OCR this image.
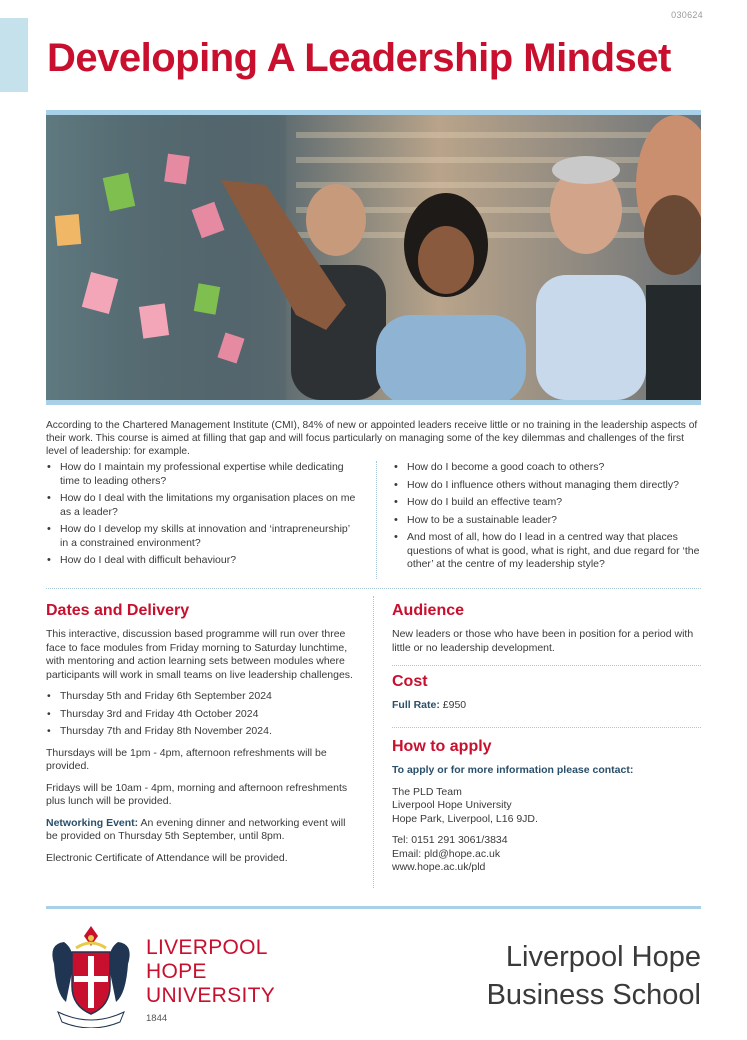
030624
Developing A Leadership Mindset

According to the Chartered Management Institute (CMI), 84% of new or appointed leaders receive little or no training in the leadership aspects of their work. This course is aimed at filling that gap and will focus particularly on managing some of the key dilemmas and challenges of the first level of leadership: for example.

• How do I maintain my professional expertise while dedicating time to leading others?
• How do I deal with the limitations my organisation places on me as a leader?
• How do I develop my skills at innovation and ‘intrapreneurship’ in a constrained environment?
• How do I deal with difficult behaviour?
• How do I become a good coach to others?
• How do I influence others without managing them directly?
• How do I build an effective team?
• How to be a sustainable leader?
• And most of all, how do I lead in a centred way that places questions of what is good, what is right, and due regard for ‘the other’ at the centre of my leadership style?
Dates and Delivery

This interactive, discussion based programme will run over three face to face modules from Friday morning to Saturday lunchtime, with mentoring and action learning sets between modules where participants will work in small teams on live leadership challenges.

• Thursday 5th and Friday 6th September 2024
• Thursday 3rd and Friday 4th October 2024
• Thursday 7th and Friday 8th November 2024.

Thursdays will be 1pm - 4pm, afternoon refreshments will be provided.

Fridays will be 10am - 4pm, morning and afternoon refreshments plus lunch will be provided.

Networking Event: An evening dinner and networking event will be provided on Thursday 5th September, until 8pm.

Electronic Certificate of Attendance will be provided.

Audience

New leaders or those who have been in position for a period with little or no leadership development.

Cost

Full Rate: £950

How to apply

To apply or for more information please contact:

The PLD Team
Liverpool Hope University
Hope Park, Liverpool, L16 9JD.

Tel: 0151 291 3061/3834
Email: pld@hope.ac.uk
www.hope.ac.uk/pld

LIVERPOOL
HOPE
UNIVERSITY
1844
Liverpool Hope
Business School
